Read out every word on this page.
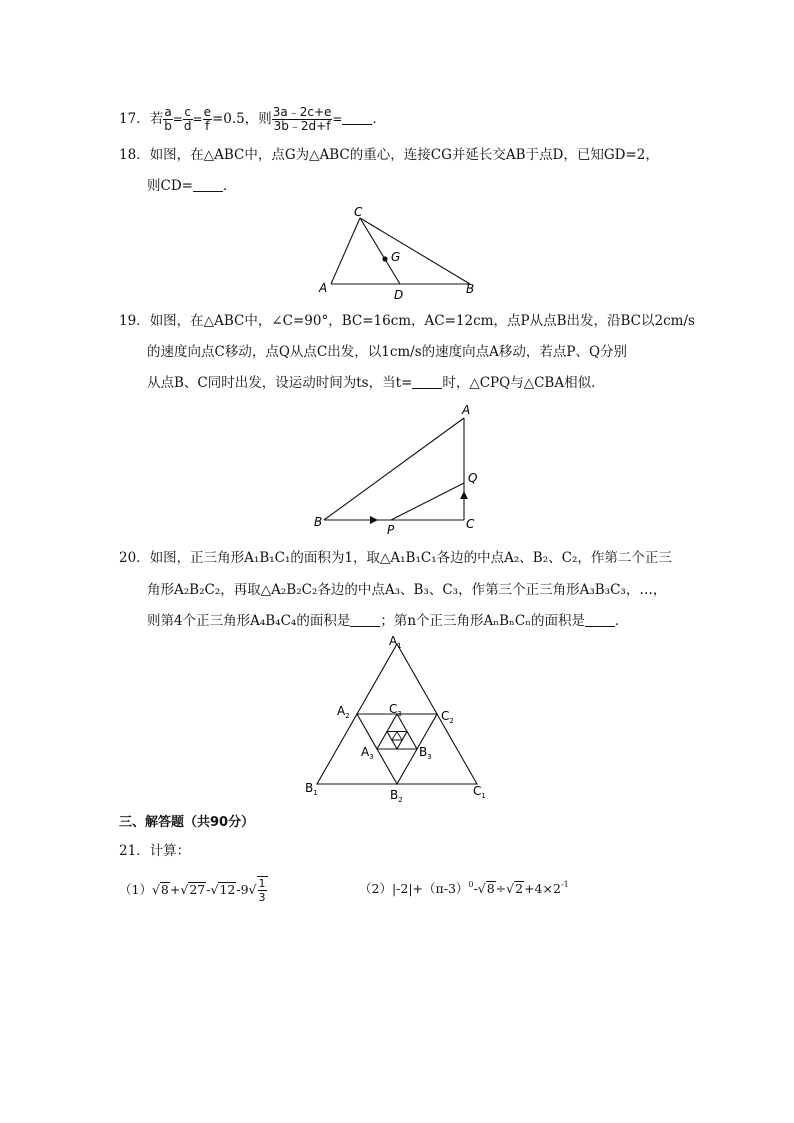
17．若 $\frac{a}{b} = \frac{c}{d} = \frac{e}{f} =0.5$，则 $\frac{3a﹣2c+e}{3b﹣2d+f}$ = ．
18．如图，在△ABC中，点G为△ABC的重心，连接CG并延长交AB于点D，已知GD=2，
则CD= ．
C
G
A	D	B
19．如图，在△ABC中，∠C=90°，BC=16cm，AC=12cm，点P从点B出发，沿BC以2cm/s
的速度向点C移动，点Q从点C出发，以1cm/s的速度向点A移动，若点P、Q分别
从点B、C同时出发，设运动时间为ts，当t= 时，△CPQ与△CBA相似．
A
Q
B
P	C
20．如图，正三角形A₁B₁C₁的面积为1，取△A₁B₁C₁各边的中点A₂、B₂、C₂，作第二个正三
角形A₂B₂C₂，再取△A₂B₂C₂各边的中点A₃、B₃、C₃，作第三个正三角形A₃B₃C₃，…，
则第4个正三角形A₄B₄C₄的面积是 ；第n个正三角形AₙBₙCₙ的面积是 ．
$A_1$
$A_2$	$C_2$
$C_3$
$A_3$	$B_3$
$B_1$	$B_2$
$C_1$
三、解答题（共90分）
21．计算：
$(1)√8+√27-√12-9√ \frac{1}{3}$	$(2)|-2|+(\pi-3)^0-√8\div√2+4\times 2^{-1}$
